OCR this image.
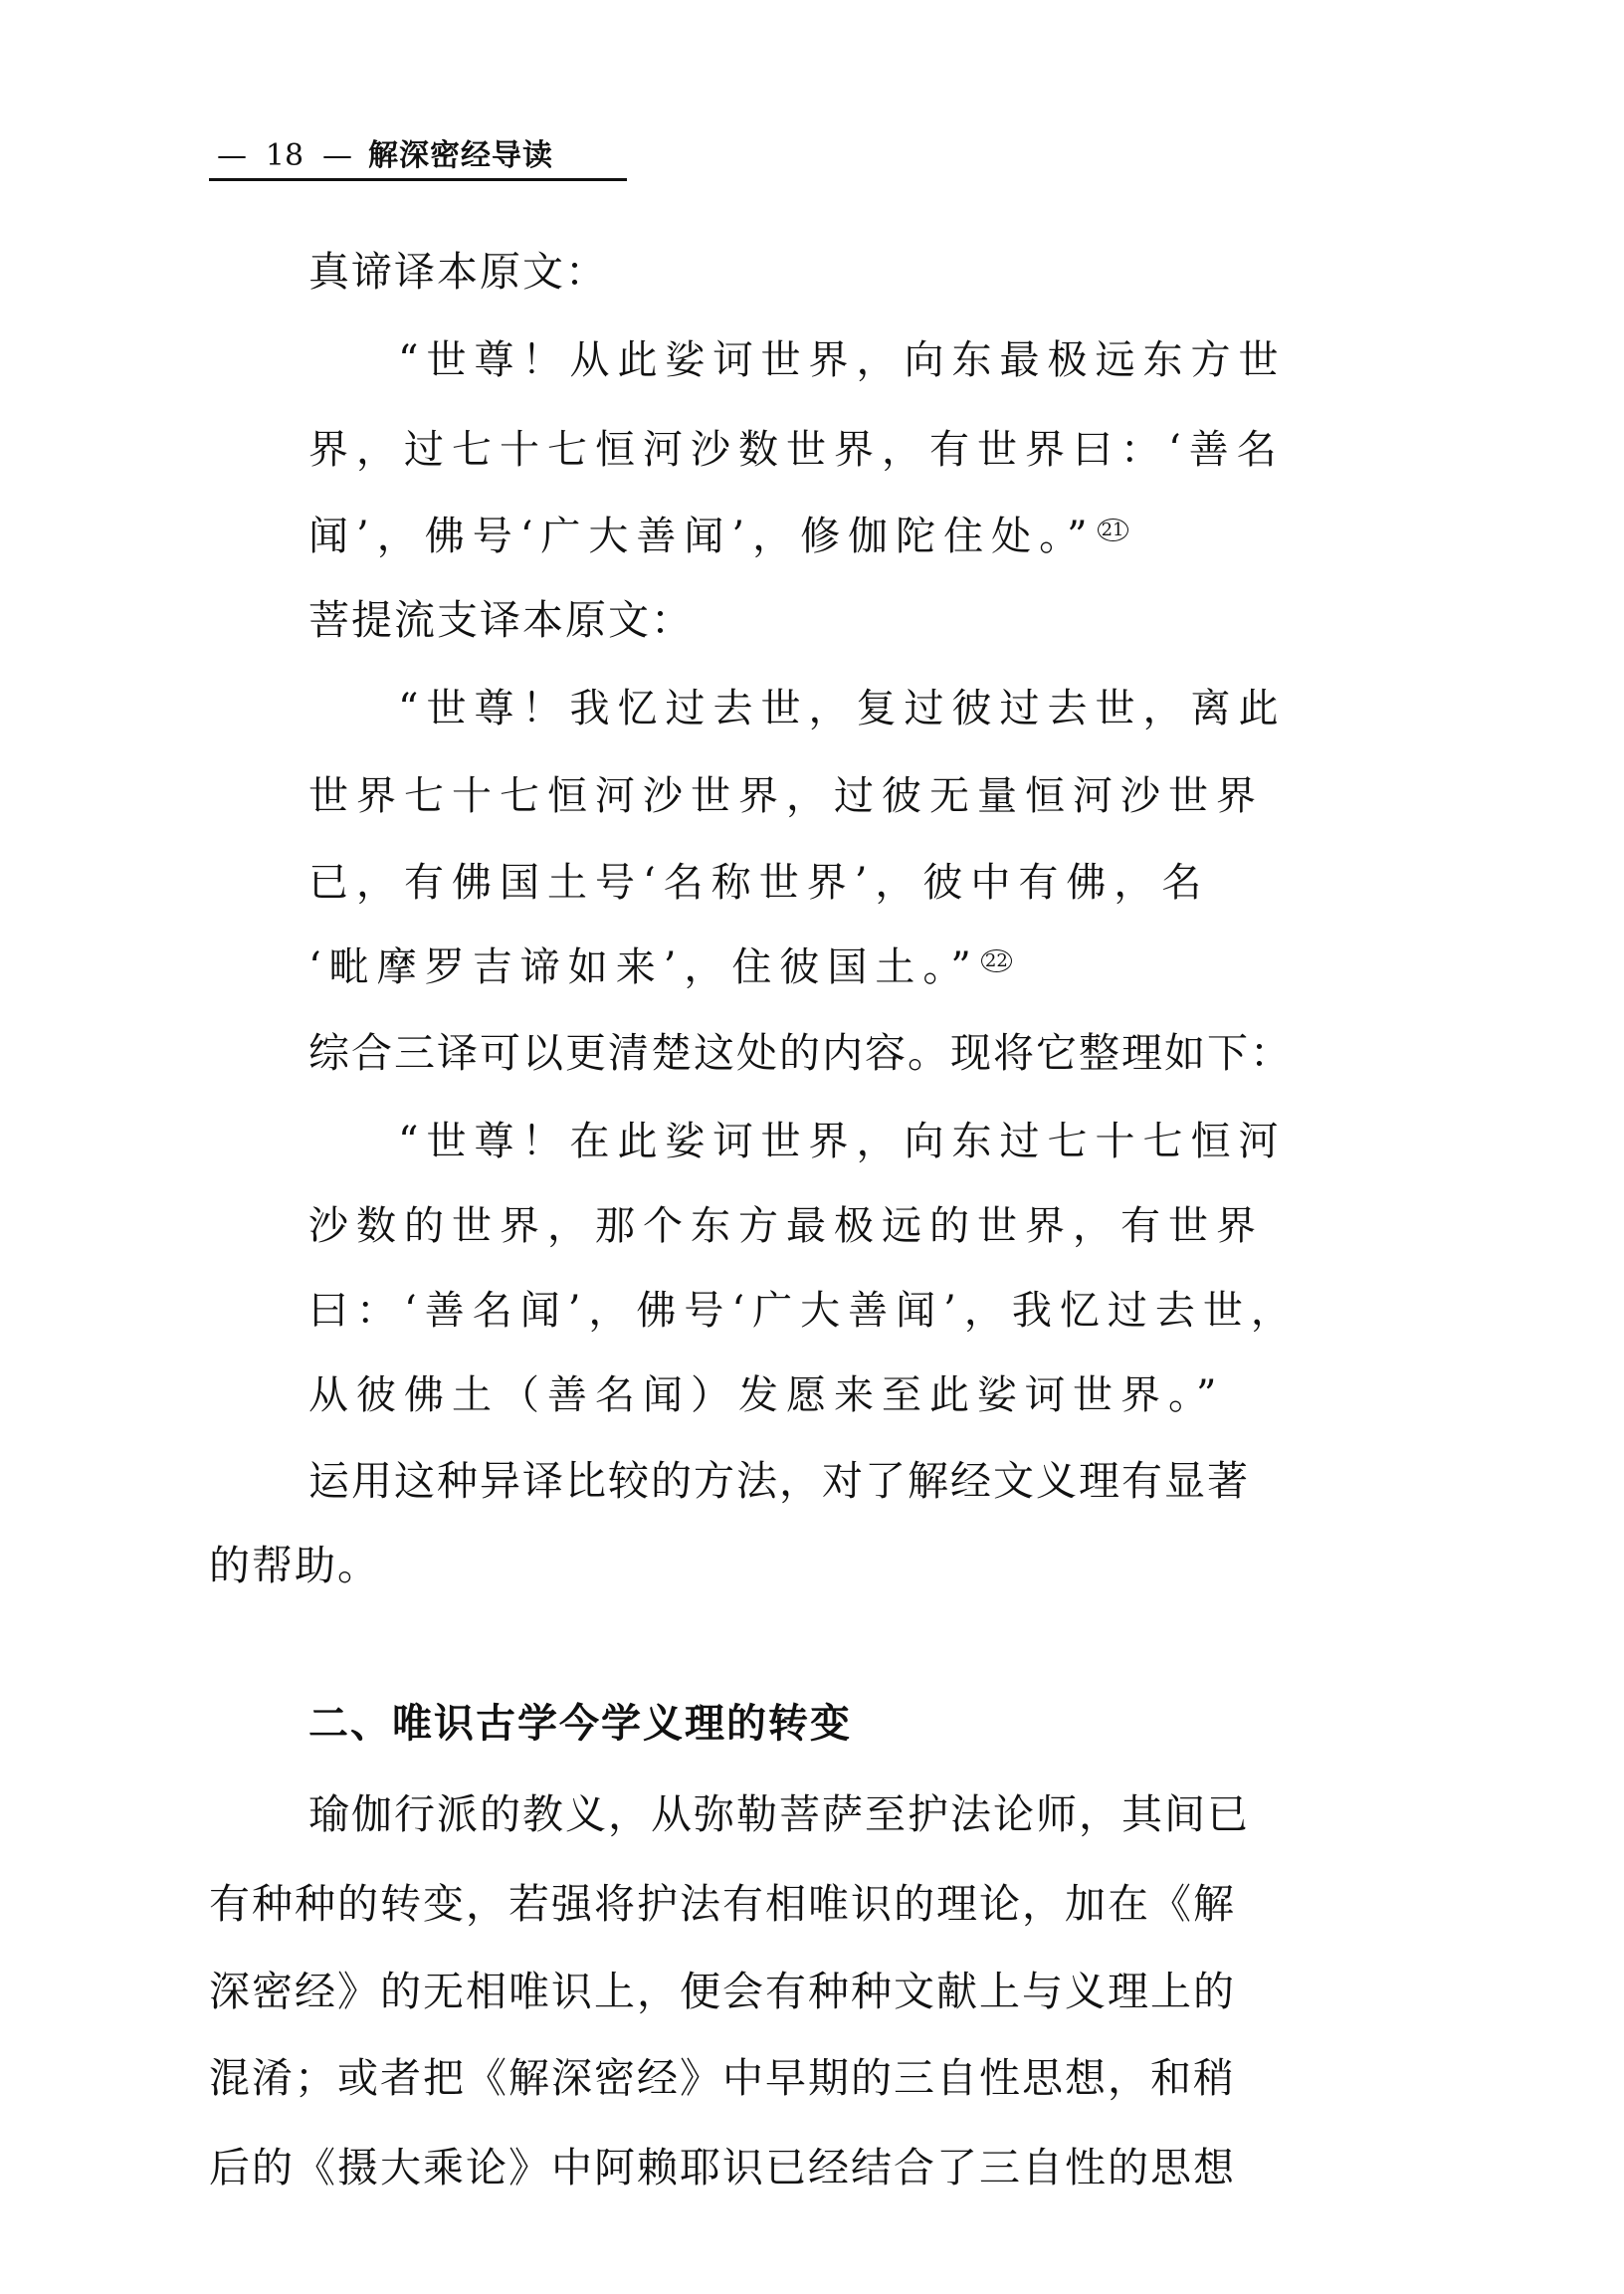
— 18 — 解深密经导读
真谛译本原文：
“世尊！从此娑诃世界，向东最极远东方世
界，过七十七恒河沙数世界，有世界曰：‘善名
闻’，佛号‘广大善闻’，修伽陀住处。” $^{21}$
菩提流支译本原文：
“世尊！我忆过去世，复过彼过去世，离此
世界七十七恒河沙世界，过彼无量恒河沙世界
已，有佛国土号‘名称世界’，彼中有佛，名
‘毗摩罗吉谛如来’，住彼国土。” $^{22}$
综合三译可以更清楚这处的内容。现将它整理如下：
“世尊！在此娑诃世界，向东过七十七恒河
沙数的世界，那个东方最极远的世界，有世界
曰：‘善名闻’，佛号‘广大善闻’，我忆过去世，
从彼佛土（善名闻）发愿来至此娑诃世界。”
运用这种异译比较的方法，对了解经文义理有显著
的帮助。
二、唯识古学今学义理的转变
瑜伽行派的教义，从弥勒菩萨至护法论师，其间已
有种种的转变，若强将护法有相唯识的理论，加在《解
深密经》的无相唯识上，便会有种种文献上与义理上的
混淆；或者把《解深密经》中早期的三自性思想，和稍
后的《摄大乘论》中阿赖耶识已经结合了三自性的思想
